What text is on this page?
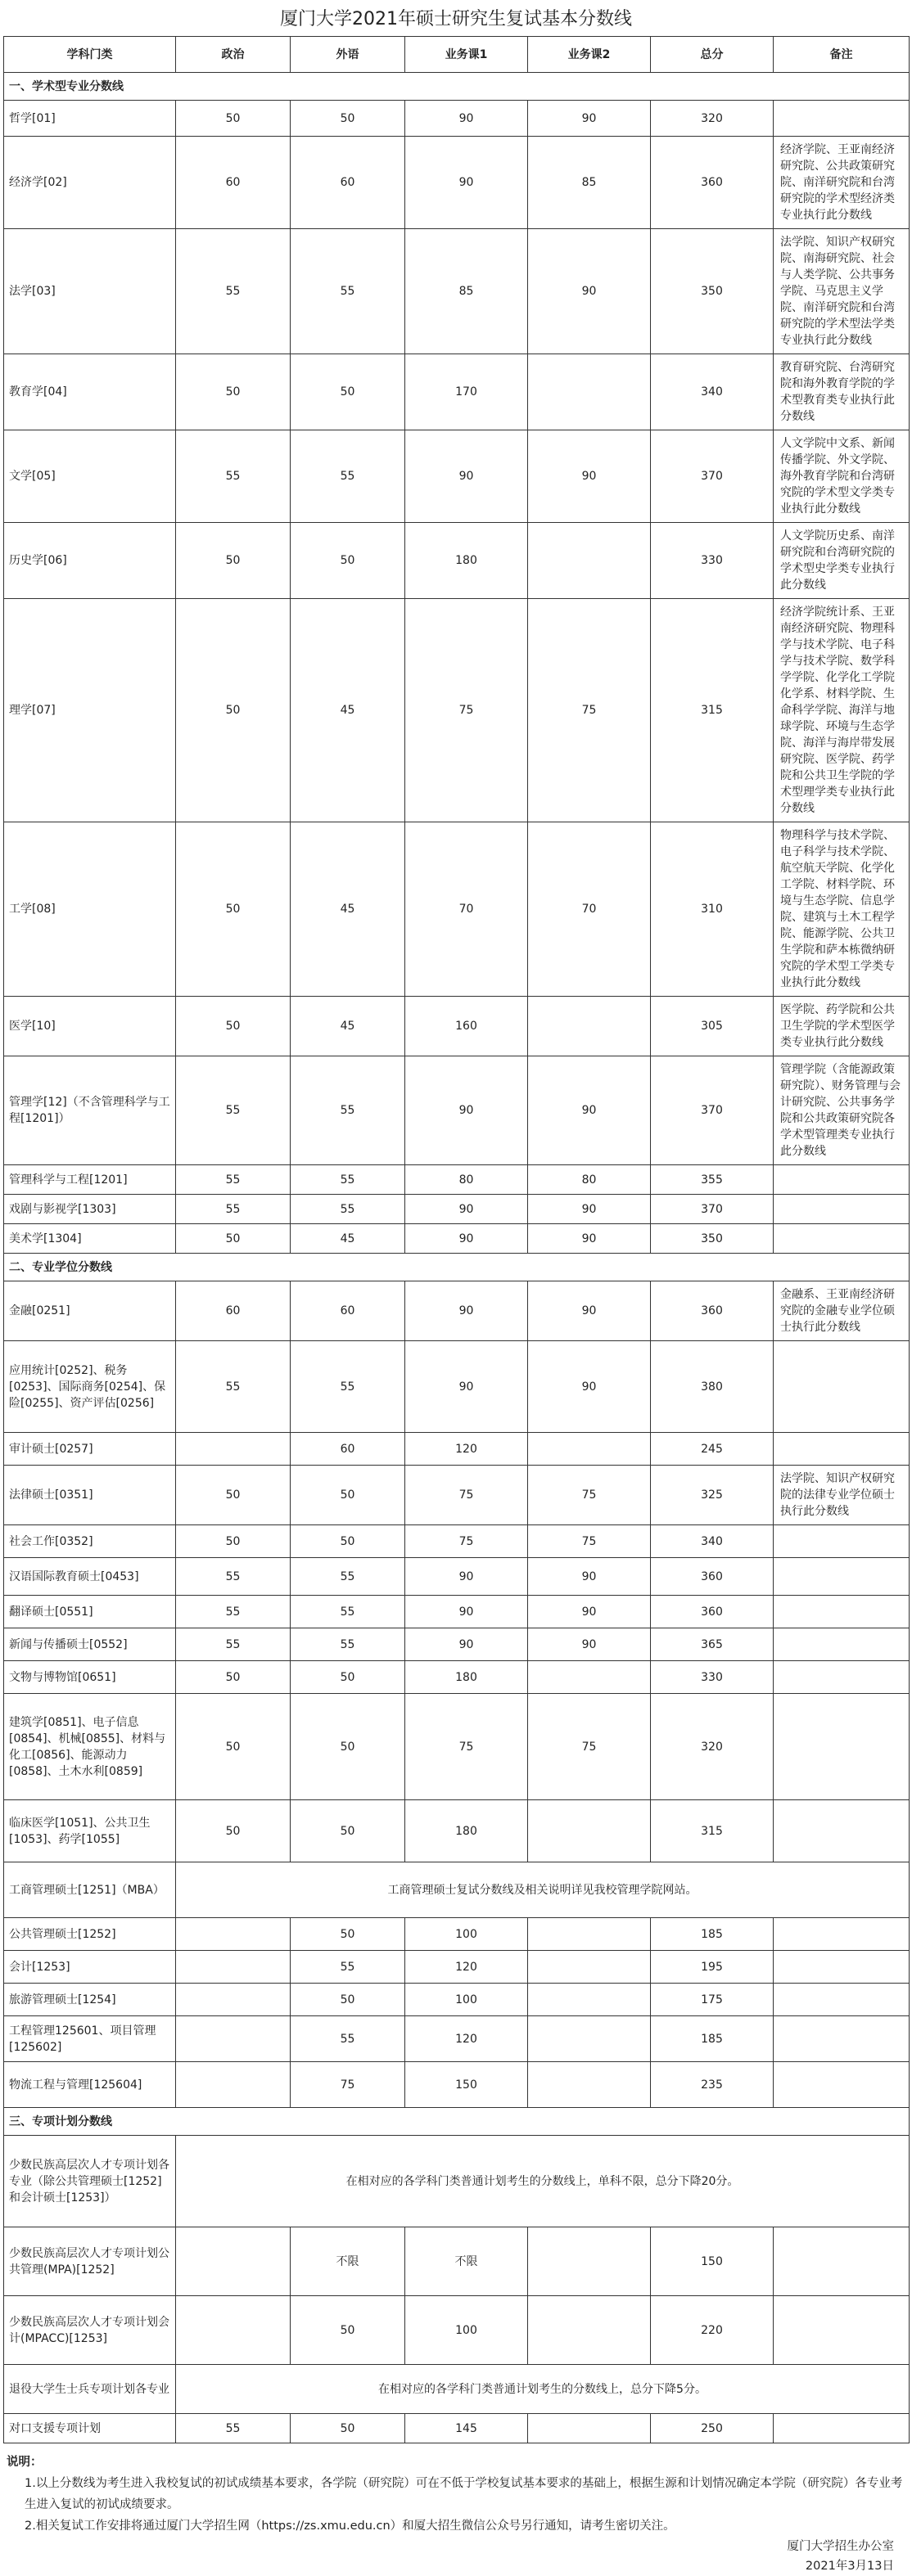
厦门大学2021年硕士研究生复试基本分数线
学科门类	政治	外语	业务课1	业务课2	总分	备注
一、学术型专业分数线						
哲学[01]	50	50	90	90	320	
经济学[02]	60	60	90	85	360	经济学院、王亚南经济研究院、公共政策研究院、南洋研究院和台湾研究院的学术型经济类专业执行此分数线
法学[03]	55	55	85	90	350	法学院、知识产权研究院、南海研究院、社会与人类学院、公共事务学院、马克思主义学院、南洋研究院和台湾研究院的学术型法学类专业执行此分数线
教育学[04]	50	50	170		340	教育研究院、台湾研究院和海外教育学院的学术型教育类专业执行此分数线
文学[05]	55	55	90	90	370	人文学院中文系、新闻传播学院、外文学院、海外教育学院和台湾研究院的学术型文学类专业执行此分数线
历史学[06]	50	50	180		330	人文学院历史系、南洋研究院和台湾研究院的学术型史学类专业执行此分数线
理学[07]	50	45	75	75	315	经济学院统计系、王亚南经济研究院、物理科学与技术学院、电子科学与技术学院、数学科学学院、化学化工学院化学系、材料学院、生命科学学院、海洋与地球学院、环境与生态学院、海洋与海岸带发展研究院、医学院、药学院和公共卫生学院的学术型理学类专业执行此分数线
工学[08]	50	45	70	70	310	物理科学与技术学院、电子科学与技术学院、航空航天学院、化学化工学院、材料学院、环境与生态学院、信息学院、建筑与土木工程学院、能源学院、公共卫生学院和萨本栋微纳研究院的学术型工学类专业执行此分数线
医学[10]	50	45	160		305	医学院、药学院和公共卫生学院的学术型医学类专业执行此分数线
管理学[12]（不含管理科学与工程[1201]）	55	55	90	90	370	管理学院（含能源政策研究院）、财务管理与会计研究院、公共事务学院和公共政策研究院各学术型管理类专业执行此分数线
管理科学与工程[1201]	55	55	80	80	355	
戏剧与影视学[1303]	55	55	90	90	370	
美术学[1304]	50	45	90	90	350	
二、专业学位分数线						
金融[0251]	60	60	90	90	360	金融系、王亚南经济研究院的金融专业学位硕士执行此分数线
应用统计[0252]、税务[0253]、国际商务[0254]、保险[0255]、资产评估[0256]	55	55	90	90	380	
审计硕士[0257]		60	120		245	
法律硕士[0351]	50	50	75	75	325	法学院、知识产权研究院的法律专业学位硕士执行此分数线
社会工作[0352]	50	50	75	75	340	
汉语国际教育硕士[0453]	55	55	90	90	360	
翻译硕士[0551]	55	55	90	90	360	
新闻与传播硕士[0552]	55	55	90	90	365	
文物与博物馆[0651]	50	50	180		330	
建筑学[0851]、电子信息[0854]、机械[0855]、材料与化工[0856]、能源动力[0858]、土木水利[0859]	50	50	75	75	320	
临床医学[1051]、公共卫生[1053]、药学[1055]	50	50	180		315	
工商管理硕士[1251]（MBA）	工商管理硕士复试分数线及相关说明详见我校管理学院网站。					
公共管理硕士[1252]		50	100		185	
会计[1253]		55	120		195	
旅游管理硕士[1254]		50	100		175	
工程管理125601、项目管理[125602]		55	120		185	
物流工程与管理[125604]		75	150		235	
三、专项计划分数线						
少数民族高层次人才专项计划各专业（除公共管理硕士[1252]和会计硕士[1253]）	在相对应的各学科门类普通计划考生的分数线上，单科不限，总分下降20分。					
少数民族高层次人才专项计划公共管理(MPA)[1252]		不限	不限		150	
少数民族高层次人才专项计划会计(MPACC)[1253]		50	100		220	
退役大学生士兵专项计划各专业	在相对应的各学科门类普通计划考生的分数线上，总分下降5分。					
对口支援专项计划	55	50	145		250	
说明：
1.以上分数线为考生进入我校复试的初试成绩基本要求，各学院（研究院）可在不低于学校复试基本要求的基础上，根据生源和计划情况确定本学院（研究院）各专业考生进入复试的初试成绩要求。
2.相关复试工作安排将通过厦门大学招生网（https://zs.xmu.edu.cn）和厦大招生微信公众号另行通知，请考生密切关注。
厦门大学招生办公室
2021年3月13日
